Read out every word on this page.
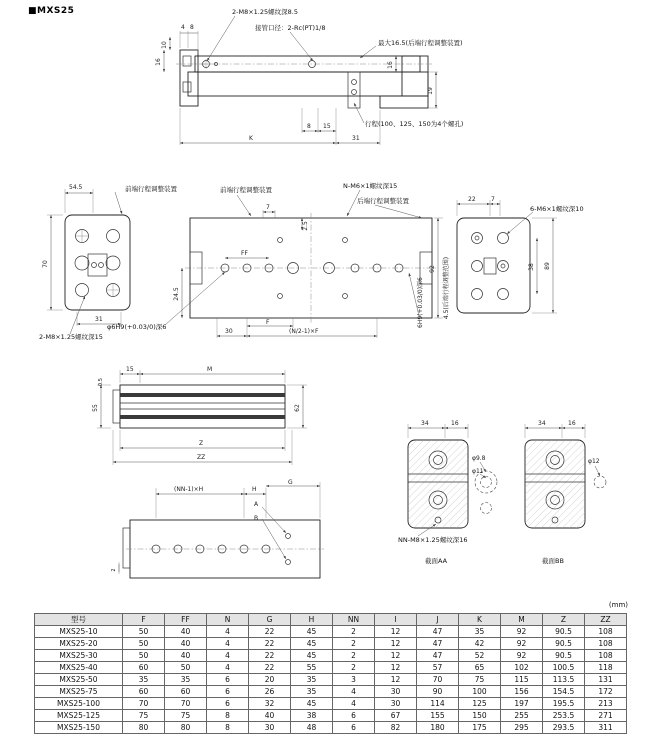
■MXS25	2-M8×1.25螺纹深8.5
接管口径：2-Rc(PT)1/8
最大16.5(后端行程调整装置)
行程(100、125、150为4个螺孔)
4 8
10
16	16
19
8 15
K	31
54.5	前端行程调整装置
70
31
2-M8×1.25螺纹深15
前端行程调整装置	N-M6×1螺纹深15
后端行程调整装置
7
2.5
92
24.5
FF
F
30	(N/2-1)×F
φ6H9(+0.03/0)深6	6H9(+0.03/0)深6	4.5(后端行程调整范围)
22	7
6-M6×1螺纹深10
38 89
15	M
0.5
55	62
Z
ZZ
(NN-1)×H	H
G
A
B
2
34	16	34	16
φ9.8
φ11
φ12
NN-M8×1.25螺纹深16
截面AA	截面BB
(mm)
型号	F	FF	N	G	H	NN	I	J	K	M	Z	ZZ
MXS25-10	50	40	4	22	45	2	12	47	35	92	90.5	108
MXS25-20	50	40	4	22	45	2	12	47	42	92	90.5	108
MXS25-30	50	40	4	22	45	2	12	47	52	92	90.5	108
MXS25-40	60	50	4	22	55	2	12	57	65	102	100.5	118
MXS25-50	35	35	6	20	35	3	12	70	75	115	113.5	131
MXS25-75	60	60	6	26	35	4	30	90	100	156	154.5	172
MXS25-100	70	70	6	32	45	4	30	114	125	197	195.5	213
MXS25-125	75	75	8	40	38	6	67	155	150	255	253.5	271
MXS25-150	80	80	8	30	48	6	82	180	175	295	293.5	311
